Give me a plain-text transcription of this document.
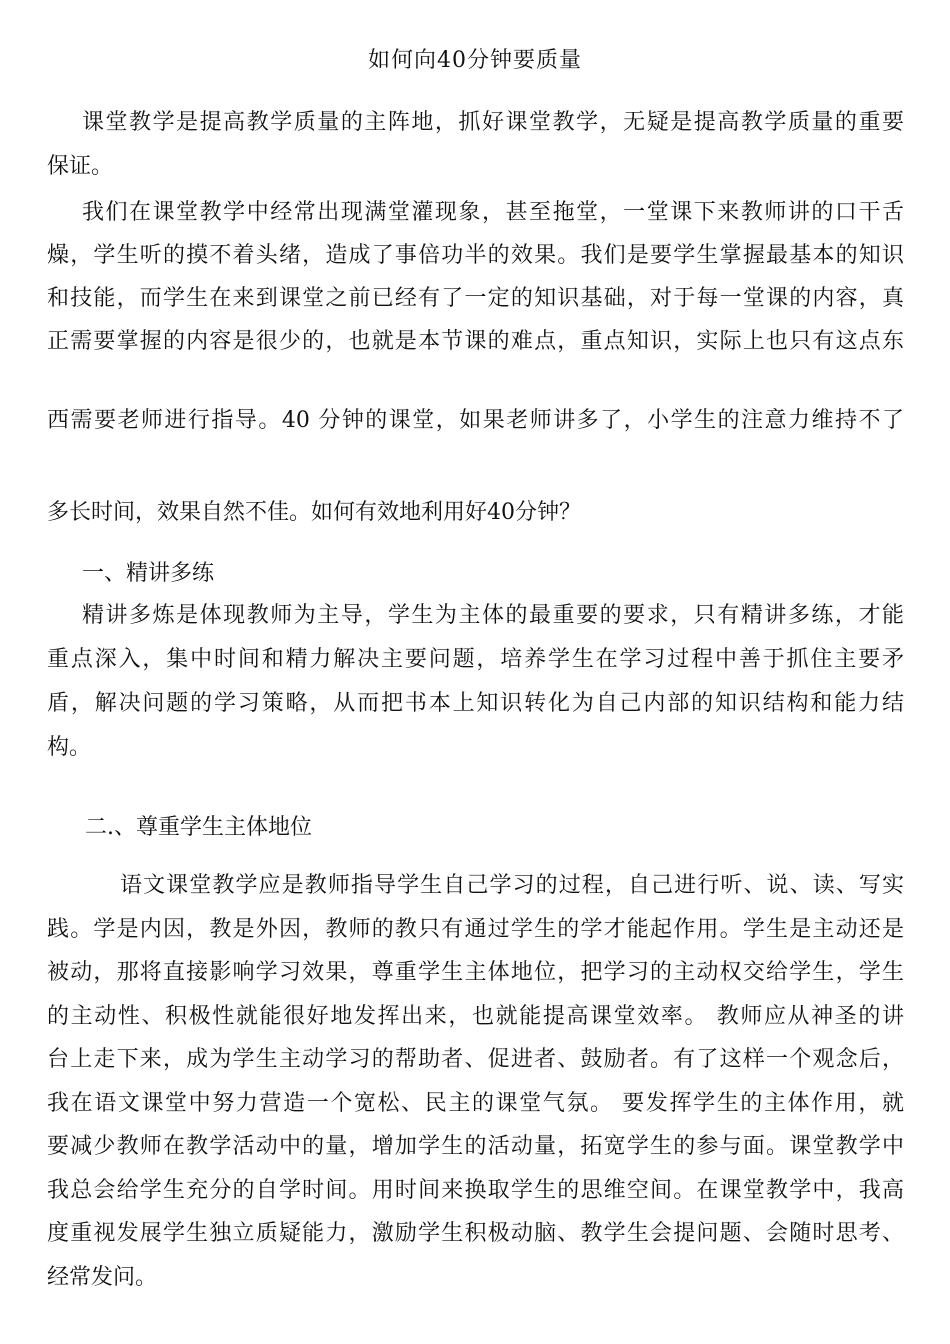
如何向40分钟要质量
课堂教学是提高教学质量的主阵地，抓好课堂教学，无疑是提高教学质量的重要
保证。
我们在课堂教学中经常出现满堂灌现象，甚至拖堂，一堂课下来教师讲的口干舌
燥，学生听的摸不着头绪，造成了事倍功半的效果。我们是要学生掌握最基本的知识
和技能，而学生在来到课堂之前已经有了一定的知识基础，对于每一堂课的内容，真
正需要掌握的内容是很少的，也就是本节课的难点，重点知识，实际上也只有这点东
西需要老师进行指导。40 分钟的课堂，如果老师讲多了，小学生的注意力维持不了
多长时间，效果自然不佳。如何有效地利用好40分钟？
一、精讲多练
精讲多炼是体现教师为主导，学生为主体的最重要的要求，只有精讲多练，才能
重点深入，集中时间和精力解决主要问题，培养学生在学习过程中善于抓住主要矛
盾，解决问题的学习策略，从而把书本上知识转化为自己内部的知识结构和能力结
构。
二.、尊重学生主体地位
语文课堂教学应是教师指导学生自己学习的过程，自己进行听、说、读、写实
践。学是内因，教是外因，教师的教只有通过学生的学才能起作用。学生是主动还是
被动，那将直接影响学习效果，尊重学生主体地位，把学习的主动权交给学生，学生
的主动性、积极性就能很好地发挥出来，也就能提高课堂效率。 教师应从神圣的讲
台上走下来，成为学生主动学习的帮助者、促进者、鼓励者。有了这样一个观念后，
我在语文课堂中努力营造一个宽松、民主的课堂气氛。 要发挥学生的主体作用，就
要减少教师在教学活动中的量，增加学生的活动量，拓宽学生的参与面。课堂教学中
我总会给学生充分的自学时间。用时间来换取学生的思维空间。在课堂教学中，我高
度重视发展学生独立质疑能力，激励学生积极动脑、教学生会提问题、会随时思考、
经常发问。
